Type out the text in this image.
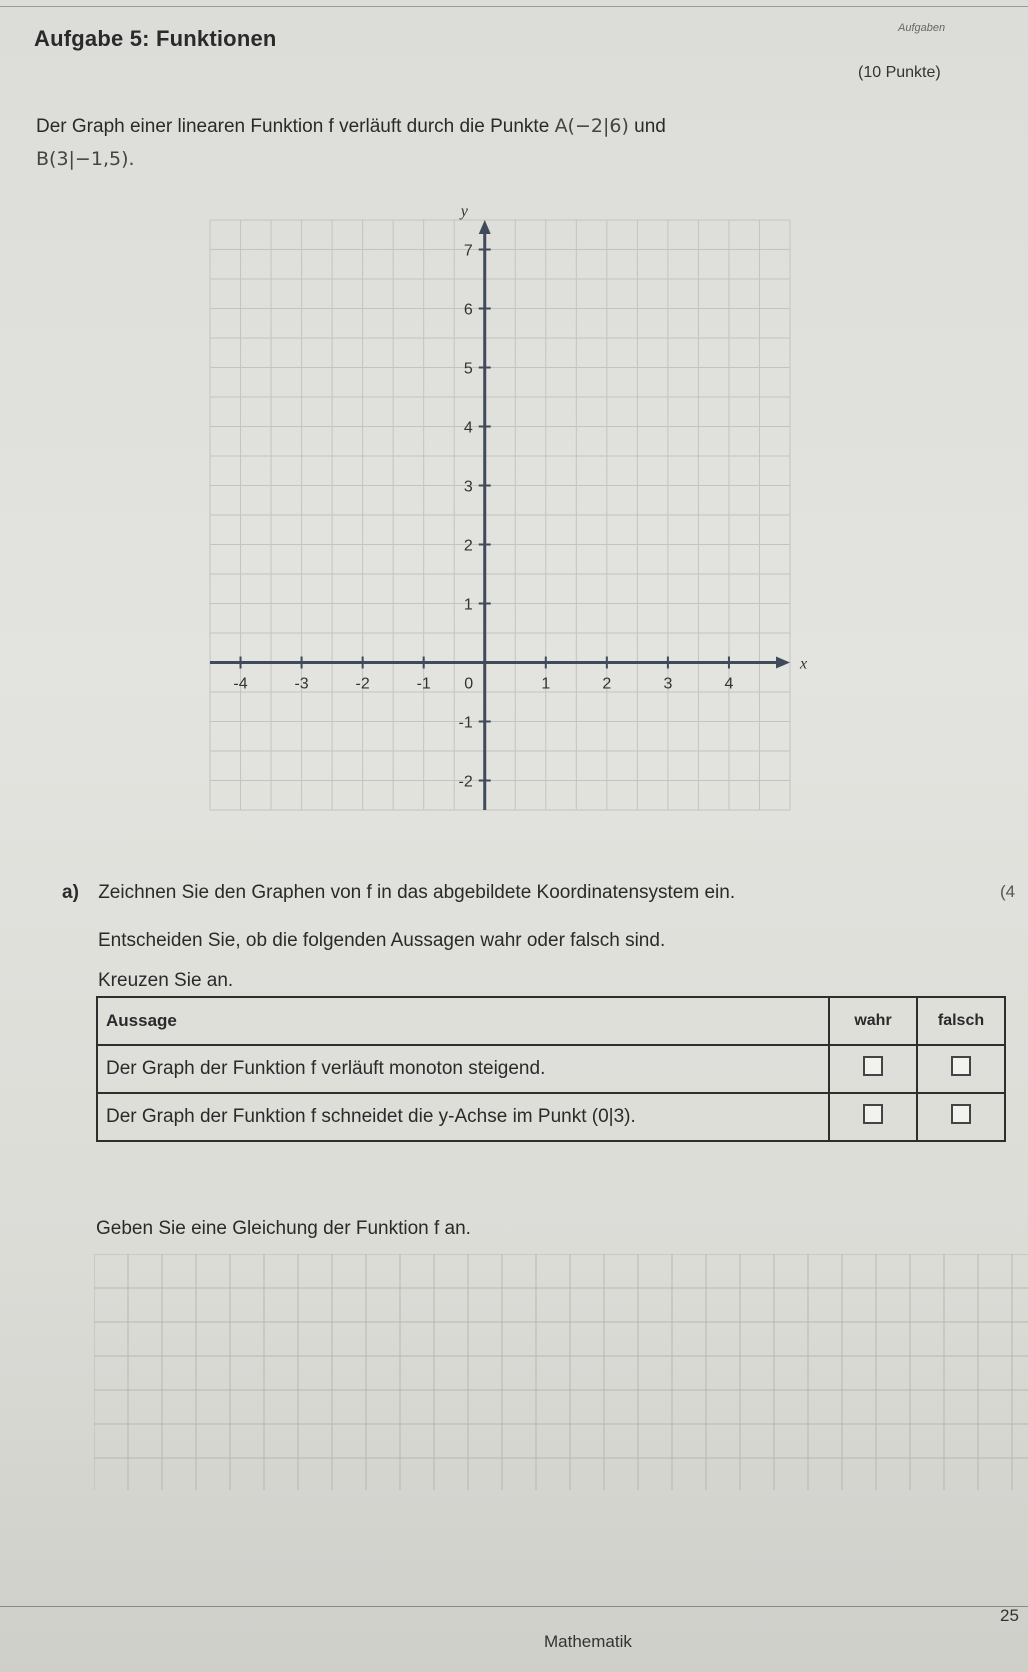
Aufgabe 5: Funktionen	Aufgaben
(10 Punkte)
Der Graph einer linearen Funktion f verläuft durch die Punkte A(−2|6) und
B(3|−1,5).
x
y
-4	-3	-2	-1 0	1	2	3	4
-2
-1
1
2
3
4
5
6
7
a) Zeichnen Sie den Graphen von f in das abgebildete Koordinatensystem ein.	(4
Entscheiden Sie, ob die folgenden Aussagen wahr oder falsch sind.
Kreuzen Sie an.
Aussage	wahr	falsch
Der Graph der Funktion f verläuft monoton steigend.		
Der Graph der Funktion f schneidet die y-Achse im Punkt (0|3).		
Geben Sie eine Gleichung der Funktion f an.
Mathematik
25
